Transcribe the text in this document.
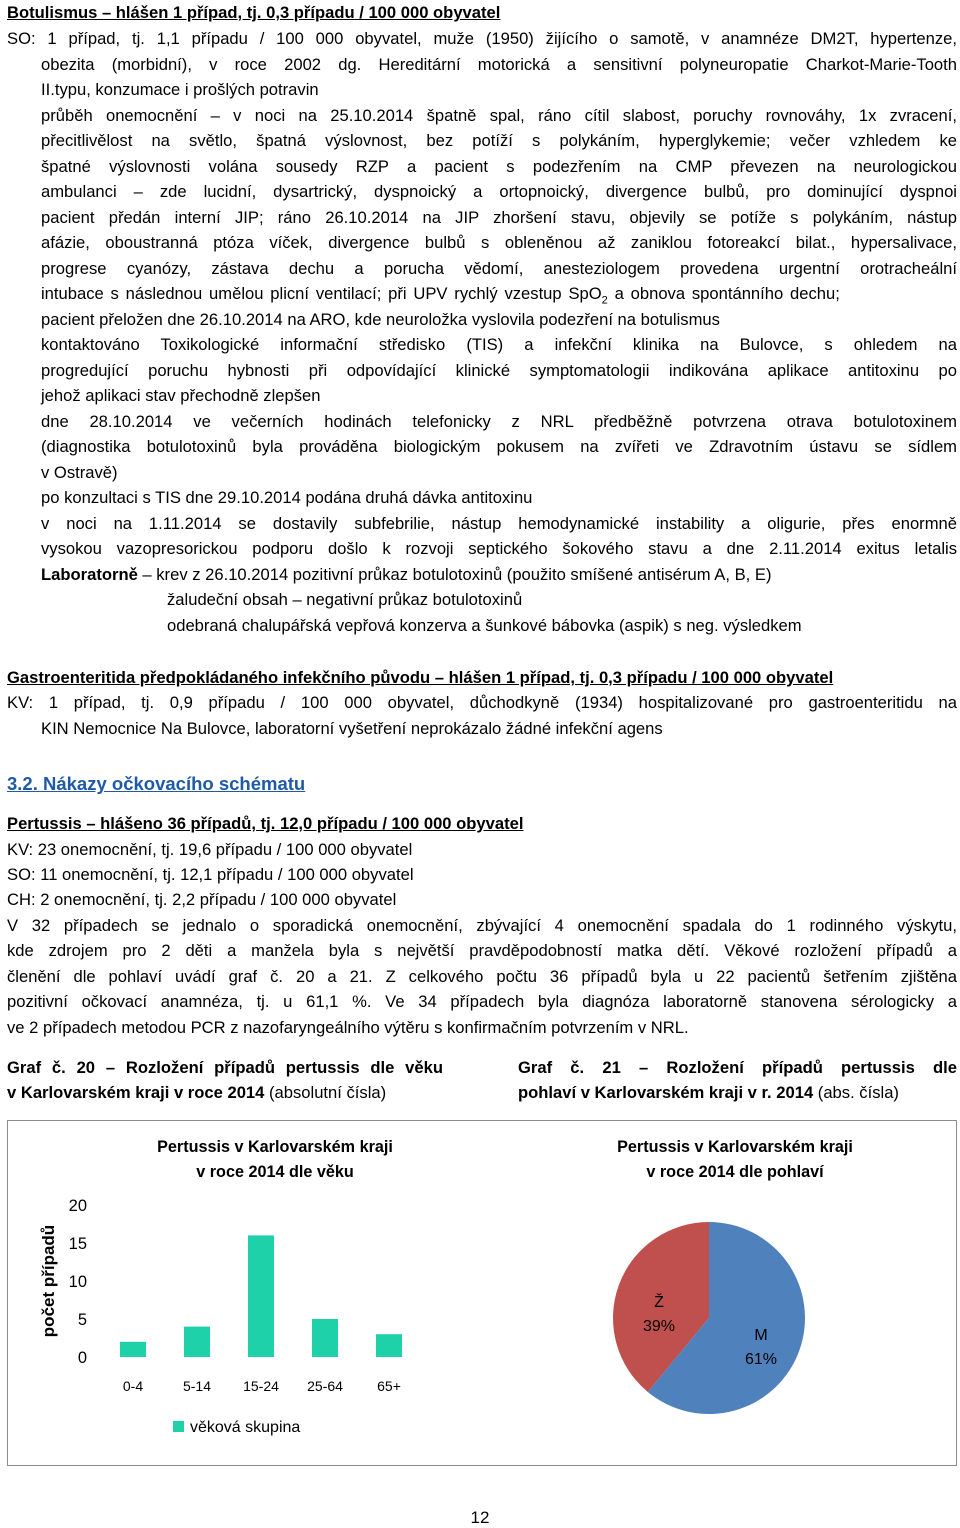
Botulismus – hlášen 1 případ, tj. 0,3 případu / 100 000 obyvatel
SO: 1 případ, tj. 1,1 případu / 100 000 obyvatel, muže (1950) žijícího o samotě, v anamnéze DM2T, hypertenze,
obezita (morbidní), v roce 2002 dg. Hereditární motorická a sensitivní polyneuropatie Charkot-Marie-Tooth
II.typu, konzumace i prošlých potravin
průběh onemocnění – v noci na 25.10.2014 špatně spal, ráno cítil slabost, poruchy rovnováhy, 1x zvracení,
přecitlivělost na světlo, špatná výslovnost, bez potíží s polykáním, hyperglykemie; večer vzhledem ke
špatné výslovnosti volána sousedy RZP a pacient s podezřením na CMP převezen na neurologickou
ambulanci – zde lucidní, dysartrický, dyspnoický a ortopnoický, divergence bulbů, pro dominující dyspnoi
pacient předán interní JIP; ráno 26.10.2014 na JIP zhoršení stavu, objevily se potíže s polykáním, nástup
afázie, oboustranná ptóza víček, divergence bulbů s obleněnou až zaniklou fotoreakcí bilat., hypersalivace,
progrese cyanózy, zástava dechu a porucha vědomí, anesteziologem provedena urgentní orotracheální
intubace s následnou umělou plicní ventilací; při UPV rychlý vzestup SpO$_2$ a obnova spontánního dechu;
pacient přeložen dne 26.10.2014 na ARO, kde neuroložka vyslovila podezření na botulismus
kontaktováno Toxikologické informační středisko (TIS) a infekční klinika na Bulovce, s ohledem na
progredující poruchu hybnosti při odpovídající klinické symptomatologii indikována aplikace antitoxinu po
jehož aplikaci stav přechodně zlepšen
dne 28.10.2014 ve večerních hodinách telefonicky z NRL předběžně potvrzena otrava botulotoxinem
(diagnostika botulotoxinů byla prováděna biologickým pokusem na zvířeti ve Zdravotním ústavu se sídlem
v Ostravě)
po konzultaci s TIS dne 29.10.2014 podána druhá dávka antitoxinu
v noci na 1.11.2014 se dostavily subfebrilie, nástup hemodynamické instability a oligurie, přes enormně
vysokou vazopresorickou podporu došlo k rozvoji septického šokového stavu a dne 2.11.2014 exitus letalis
Laboratorně – krev z 26.10.2014 pozitivní průkaz botulotoxinů (použito smíšené antisérum A, B, E)
žaludeční obsah – negativní průkaz botulotoxinů
odebraná chalupářská vepřová konzerva a šunkové bábovka (aspik) s neg. výsledkem
Gastroenteritida předpokládaného infekčního původu – hlášen 1 případ, tj. 0,3 případu / 100 000 obyvatel
KV: 1 případ, tj. 0,9 případu / 100 000 obyvatel, důchodkyně (1934) hospitalizované pro gastroenteritidu na
KIN Nemocnice Na Bulovce, laboratorní vyšetření neprokázalo žádné infekční agens
3.2. Nákazy očkovacího schématu
Pertussis – hlášeno 36 případů, tj. 12,0 případu / 100 000 obyvatel
KV: 23 onemocnění, tj. 19,6 případu / 100 000 obyvatel
SO: 11 onemocnění, tj. 12,1 případu / 100 000 obyvatel
CH: 2 onemocnění, tj. 2,2 případu / 100 000 obyvatel
V 32 případech se jednalo o sporadická onemocnění, zbývající 4 onemocnění spadala do 1 rodinného výskytu,
kde zdrojem pro 2 děti a manžela byla s největší pravděpodobností matka dětí. Věkové rozložení případů a
členění dle pohlaví uvádí graf č. 20 a 21. Z celkového počtu 36 případů byla u 22 pacientů šetřením zjištěna
pozitivní očkovací anamnéza, tj. u 61,1 %. Ve 34 případech byla diagnóza laboratorně stanovena sérologicky a
ve 2 případech metodou PCR z nazofaryngeálního výtěru s konfirmačním potvrzením v NRL.
Graf č. 20 – Rozložení případů pertussis dle věku
v Karlovarském kraji v roce 2014 (absolutní čísla)
Graf č. 21 – Rozložení případů pertussis dle
pohlaví v Karlovarském kraji v r. 2014 (abs. čísla)
Pertussis v Karlovarském kraji
v roce 2014 dle věku
Pertussis v Karlovarském kraji
v roce 2014 dle pohlaví
počet případů
0
5
10
15
20
0-4	5-14 15-24 25-64 65+
věková skupina
Ž
39%
M
61%
12
